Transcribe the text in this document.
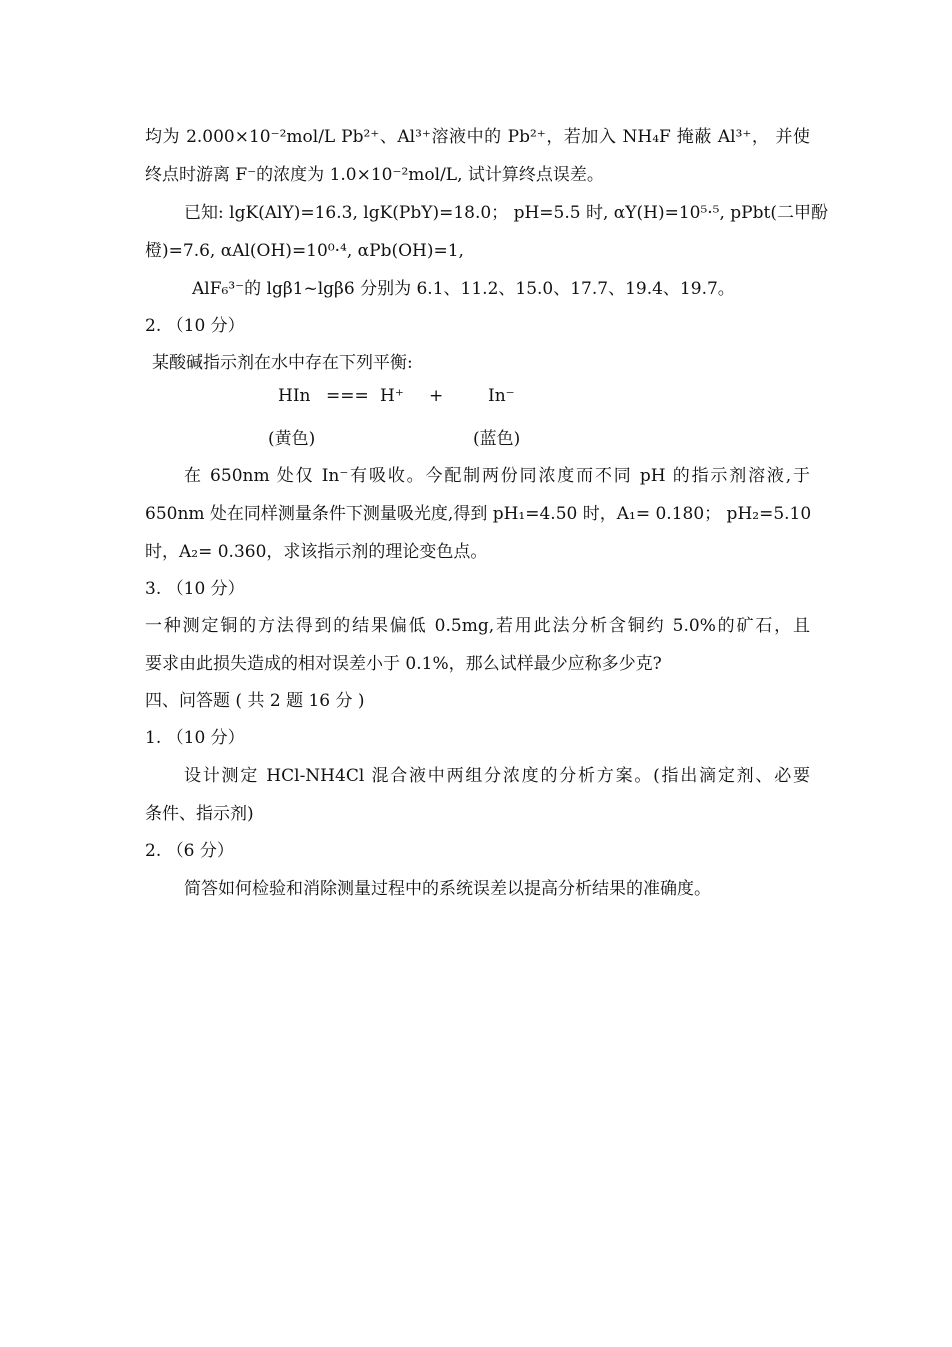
均为 2.000×10⁻²mol/L Pb²⁺、Al³⁺溶液中的 Pb²⁺，若加入 NH₄F 掩蔽 Al³⁺， 并使
终点时游离 F⁻的浓度为 1.0×10⁻²mol/L, 试计算终点误差。
已知: lgK(AlY)=16.3, lgK(PbY)=18.0； pH=5.5 时, αY(H)=10⁵·⁵, pPbt(二甲酚
橙)=7.6, αAl(OH)=10⁰·⁴, αPb(OH)=1,
AlF₆³⁻的 lgβ1~lgβ6 分别为 6.1、11.2、15.0、17.7、19.4、19.7。
2. （10 分）
某酸碱指示剂在水中存在下列平衡:
HIn === H⁺ +	In⁻
(黄色)	(蓝色)
在 650nm 处仅 In⁻有吸收。今配制两份同浓度而不同 pH 的指示剂溶液,于
650nm 处在同样测量条件下测量吸光度,得到 pH₁=4.50 时，A₁= 0.180； pH₂=5.10
时，A₂= 0.360，求该指示剂的理论变色点。
3. （10 分）
一种测定铜的方法得到的结果偏低 0.5mg,若用此法分析含铜约 5.0%的矿石，且
要求由此损失造成的相对误差小于 0.1%，那么试样最少应称多少克?
四、问答题 ( 共 2 题 16 分 )
1. （10 分）
设计测定 HCl-NH4Cl 混合液中两组分浓度的分析方案。(指出滴定剂、必要
条件、指示剂)
2. （6 分）
简答如何检验和消除测量过程中的系统误差以提高分析结果的准确度。
